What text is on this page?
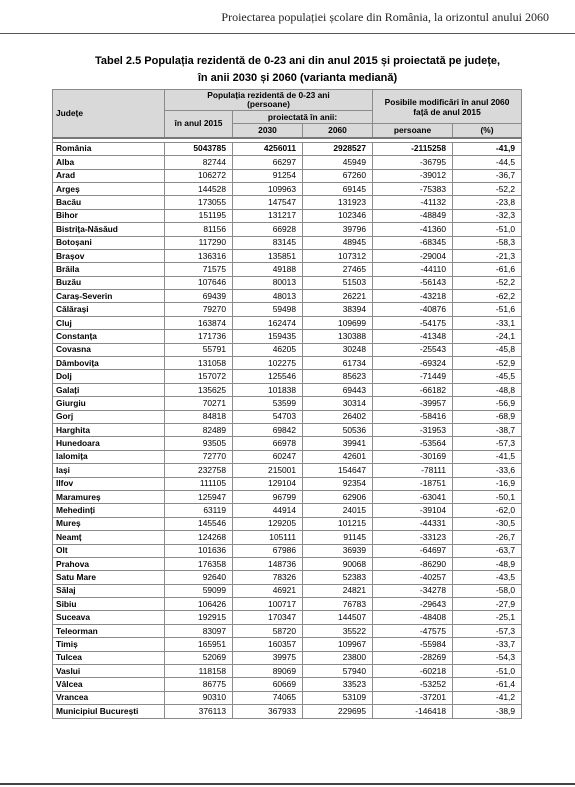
Proiectarea populației școlare din România, la orizontul anului 2060
Tabel 2.5 Populația rezidentă de 0-23 ani din anul 2015 și proiectată pe județe,
în anii 2030 și 2060 (varianta mediană)
Județe	Populația rezidentă de 0-23 ani (persoane)			Posibile modificări în anul 2060 față de anul 2015	
	în anul 2015	proiectată în anii:			
		2030	2060	persoane	(%)

România	5043785	4256011	2928527	-2115258	-41,9
Alba	82744	66297	45949	-36795	-44,5
Arad	106272	91254	67260	-39012	-36,7
Argeș	144528	109963	69145	-75383	-52,2
Bacău	173055	147547	131923	-41132	-23,8
Bihor	151195	131217	102346	-48849	-32,3
Bistrița-Năsăud	81156	66928	39796	-41360	-51,0
Botoșani	117290	83145	48945	-68345	-58,3
Brașov	136316	135851	107312	-29004	-21,3
Brăila	71575	49188	27465	-44110	-61,6
Buzău	107646	80013	51503	-56143	-52,2
Caraș-Severin	69439	48013	26221	-43218	-62,2
Călărași	79270	59498	38394	-40876	-51,6
Cluj	163874	162474	109699	-54175	-33,1
Constanța	171736	159435	130388	-41348	-24,1
Covasna	55791	46205	30248	-25543	-45,8
Dâmbovița	131058	102275	61734	-69324	-52,9
Dolj	157072	125546	85623	-71449	-45,5
Galați	135625	101838	69443	-66182	-48,8
Giurgiu	70271	53599	30314	-39957	-56,9
Gorj	84818	54703	26402	-58416	-68,9
Harghita	82489	69842	50536	-31953	-38,7
Hunedoara	93505	66978	39941	-53564	-57,3
Ialomița	72770	60247	42601	-30169	-41,5
Iași	232758	215001	154647	-78111	-33,6
Ilfov	111105	129104	92354	-18751	-16,9
Maramureș	125947	96799	62906	-63041	-50,1
Mehedinți	63119	44914	24015	-39104	-62,0
Mureș	145546	129205	101215	-44331	-30,5
Neamț	124268	105111	91145	-33123	-26,7
Olt	101636	67986	36939	-64697	-63,7
Prahova	176358	148736	90068	-86290	-48,9
Satu Mare	92640	78326	52383	-40257	-43,5
Sălaj	59099	46921	24821	-34278	-58,0
Sibiu	106426	100717	76783	-29643	-27,9
Suceava	192915	170347	144507	-48408	-25,1
Teleorman	83097	58720	35522	-47575	-57,3
Timiș	165951	160357	109967	-55984	-33,7
Tulcea	52069	39975	23800	-28269	-54,3
Vaslui	118158	89069	57940	-60218	-51,0
Vâlcea	86775	60669	33523	-53252	-61,4
Vrancea	90310	74065	53109	-37201	-41,2
Municipiul București	376113	367933	229695	-146418	-38,9
